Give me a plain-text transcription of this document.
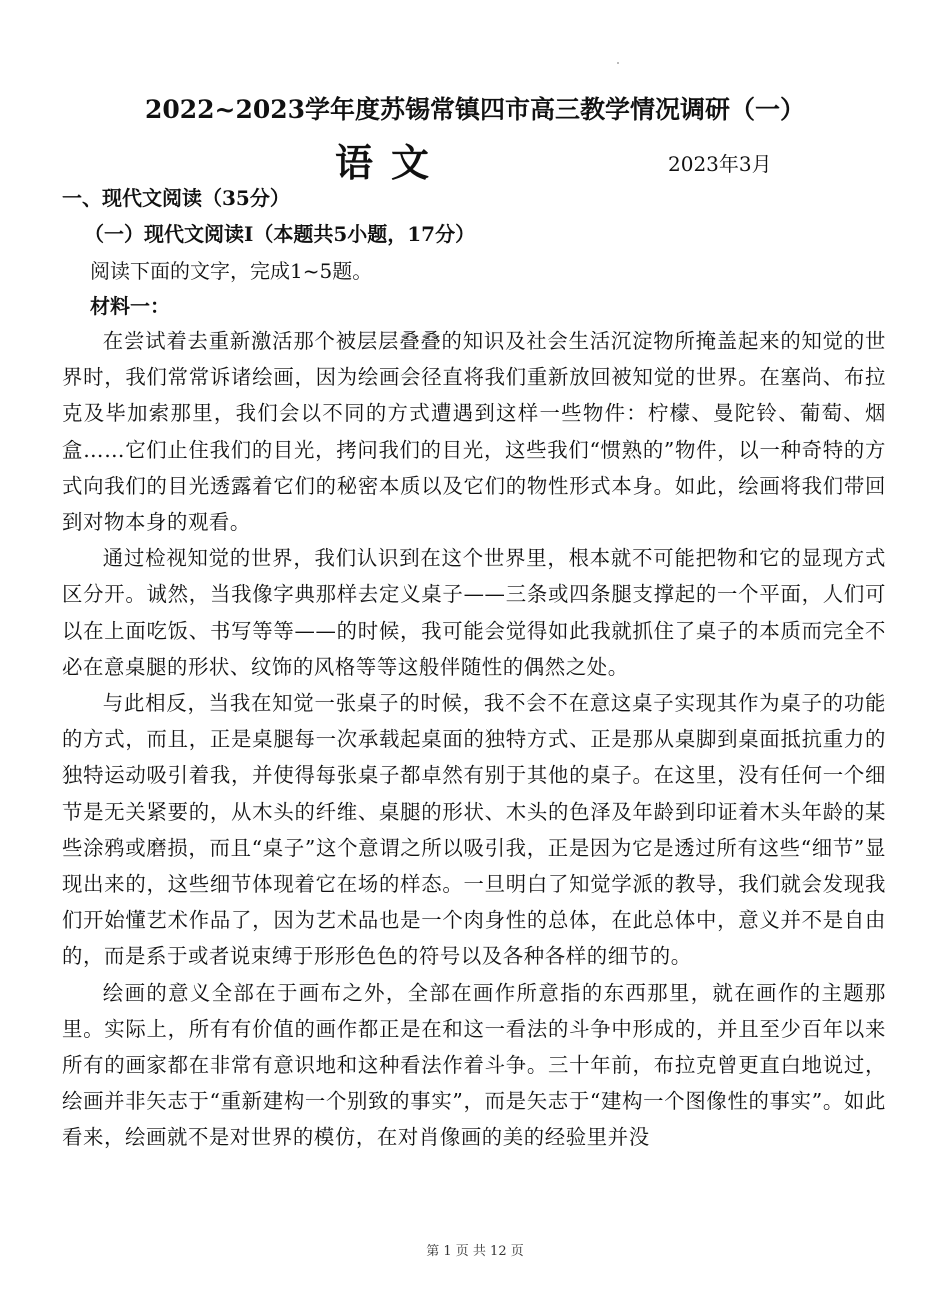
2022~2023学年度苏锡常镇四市高三教学情况调研（一）
语文	2023年3月
一、现代文阅读（35分）
（一）现代文阅读I（本题共5小题，17分）
阅读下面的文字，完成1~5题。
材料一：

在尝试着去重新激活那个被层层叠叠的知识及社会生活沉淀物所掩盖起来的知觉的世界时，我们常常诉诸绘画，因为绘画会径直将我们重新放回被知觉的世界。在塞尚、布拉克及毕加索那里，我们会以不同的方式遭遇到这样一些物件：柠檬、曼陀铃、葡萄、烟盒……它们止住我们的目光，拷问我们的目光，这些我们“惯熟的”物件，以一种奇特的方式向我们的目光透露着它们的秘密本质以及它们的物性形式本身。如此，绘画将我们带回到对物本身的观看。

通过检视知觉的世界，我们认识到在这个世界里，根本就不可能把物和它的显现方式区分开。诚然，当我像字典那样去定义桌子——三条或四条腿支撑起的一个平面，人们可以在上面吃饭、书写等等——的时候，我可能会觉得如此我就抓住了桌子的本质而完全不必在意桌腿的形状、纹饰的风格等等这般伴随性的偶然之处。

与此相反，当我在知觉一张桌子的时候，我不会不在意这桌子实现其作为桌子的功能的方式，而且，正是桌腿每一次承载起桌面的独特方式、正是那从桌脚到桌面抵抗重力的独特运动吸引着我，并使得每张桌子都卓然有别于其他的桌子。在这里，没有任何一个细节是无关紧要的，从木头的纤维、桌腿的形状、木头的色泽及年龄到印证着木头年龄的某些涂鸦或磨损，而且“桌子”这个意谓之所以吸引我，正是因为它是透过所有这些“细节”显现出来的，这些细节体现着它在场的样态。一旦明白了知觉学派的教导，我们就会发现我们开始懂艺术作品了，因为艺术品也是一个肉身性的总体，在此总体中，意义并不是自由的，而是系于或者说束缚于形形色色的符号以及各种各样的细节的。

绘画的意义全部在于画布之外，全部在画作所意指的东西那里，就在画作的主题那里。实际上，所有有价值的画作都正是在和这一看法的斗争中形成的，并且至少百年以来所有的画家都在非常有意识地和这种看法作着斗争。三十年前，布拉克曾更直白地说过，绘画并非矢志于“重新建构一个别致的事实”，而是矢志于“建构一个图像性的事实”。如此看来，绘画就不是对世界的模仿，在对肖像画的美的经验里并没

第 1 页 共 12 页
